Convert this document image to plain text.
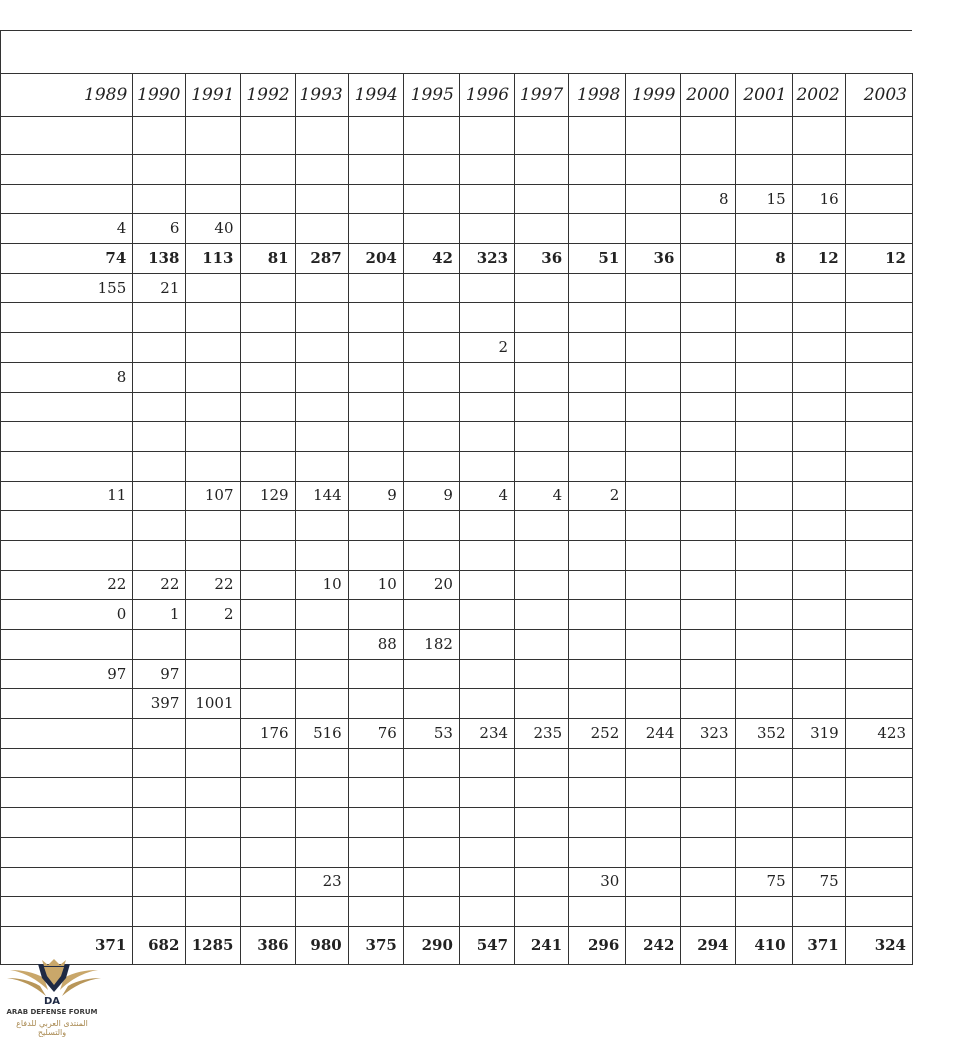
1989	1990	1991	1992	1993	1994	1995	1996	1997	1998	1999	2000	2001	2002	2003

											8	15	16	
4	6	40												
74	138	113	81	287	204	42	323	36	51	36		8	12	12
155	21													

							2							
8														

11		107	129	144	9	9	4	4	2					

22	22	22		10	10	20								
0	1	2												
					88	182								
97	97													
	397	1001												
			176	516	76	53	234	235	252	244	323	352	319	423

				23					30			75	75	

371	682	1285	386	980	375	290	547	241	296	242	294	410	371	324
DA
ARAB DEFENSE FORUM
المنتدى العربي للدفاع والتسليح
